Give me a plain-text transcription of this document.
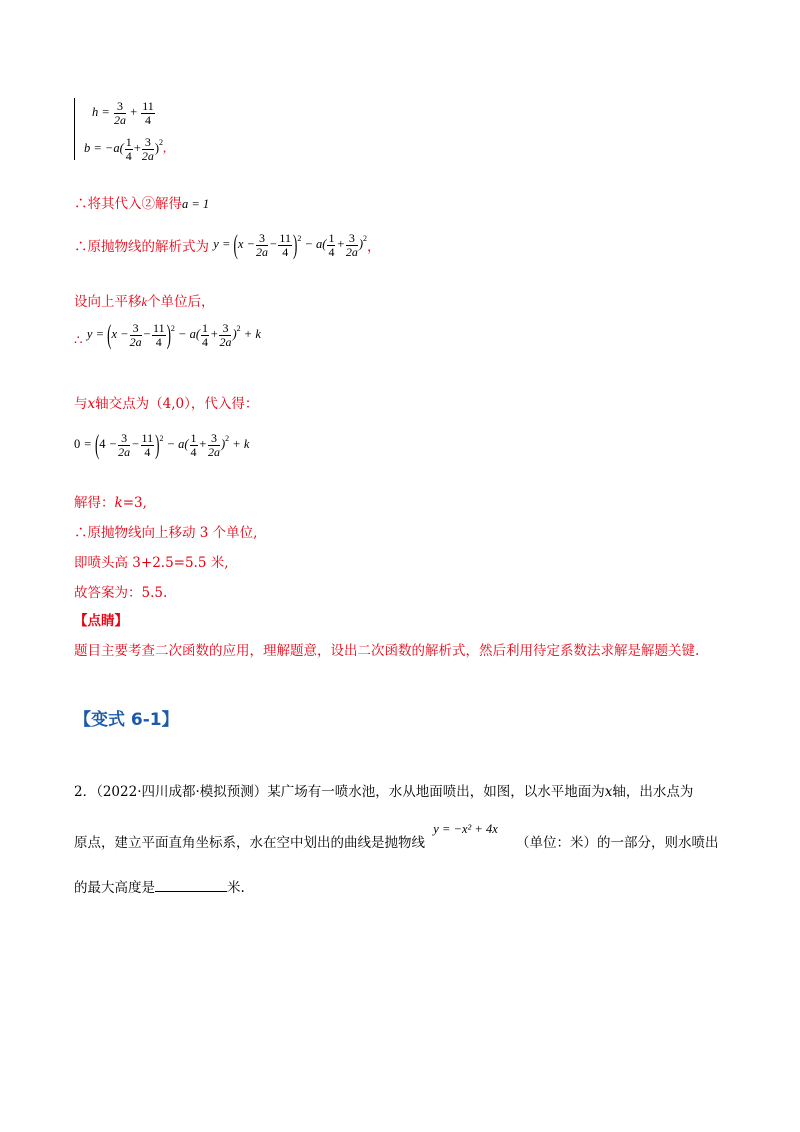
$h = \frac{3}{2a} + \frac{11}{4}$
$b = -a( \frac{1}{4} + \frac{3}{2a} )^2$,
∴将其代入②解得a = 1
∴原抛物线的解析式为 $y = (x - \frac{3}{2a} - \frac{11}{4} )^2 - a( \frac{1}{4} + \frac{3}{2a} )^2$，
设向上平移k个单位后，
∴ $y = (x - \frac{3}{2a} - \frac{11}{4} )^2 - a( \frac{1}{4} + \frac{3}{2a} )^2 + k$
与x轴交点为（4,0），代入得：
$0 = (4 - \frac{3}{2a} - \frac{11}{4} )^2 - a( \frac{1}{4} + \frac{3}{2a} )^2 + k$
解得：k=3,
∴原抛物线向上移动 3 个单位,
即喷头高 3+2.5=5.5 米,
故答案为：5.5.
【点睛】
题目主要考查二次函数的应用，理解题意，设出二次函数的解析式，然后利用待定系数法求解是解题关键.
【变式 6-1】
2．（2022·四川成都·模拟预测）某广场有一喷水池，水从地面喷出，如图，以水平地面为x轴，出水点为
原点，建立平面直角坐标系，水在空中划出的曲线是抛物线 y = −x² + 4x （单位：米）的一部分，则水喷出
的最大高度是	米.
